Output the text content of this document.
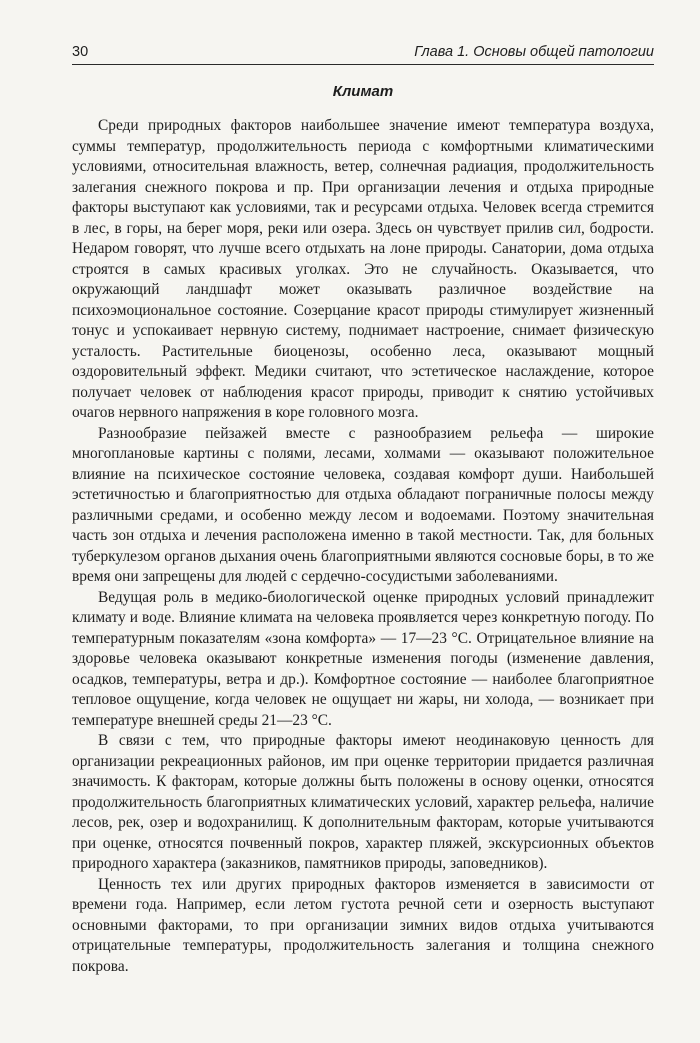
30	Глава 1. Основы общей патологии
Климат

Среди природных факторов наибольшее значение имеют температура воздуха, суммы температур, продолжительность периода с комфортными климатическими условиями, относительная влажность, ветер, солнечная радиация, продолжительность залегания снежного покрова и пр. При организации лечения и отдыха природные факторы выступают как условиями, так и ресурсами отдыха. Человек всегда стремится в лес, в горы, на берег моря, реки или озера. Здесь он чувствует прилив сил, бодрости. Недаром говорят, что лучше всего отдыхать на лоне природы. Санатории, дома отдыха строятся в самых красивых уголках. Это не случайность. Оказывается, что окружающий ландшафт может оказывать различное воздействие на психоэмоциональное состояние. Созерцание красот природы стимулирует жизненный тонус и успокаивает нервную систему, поднимает настроение, снимает физическую усталость. Растительные биоценозы, особенно леса, оказывают мощный оздоровительный эффект. Медики считают, что эстетическое наслаждение, которое получает человек от наблюдения красот природы, приводит к снятию устойчивых очагов нервного напряжения в коре головного мозга.

Разнообразие пейзажей вместе с разнообразием рельефа — широкие многоплановые картины с полями, лесами, холмами — оказывают положительное влияние на психическое состояние человека, создавая комфорт души. Наибольшей эстетичностью и благоприятностью для отдыха обладают пограничные полосы между различными средами, и особенно между лесом и водоемами. Поэтому значительная часть зон отдыха и лечения расположена именно в такой местности. Так, для больных туберкулезом органов дыхания очень благоприятными являются сосновые боры, в то же время они запрещены для людей с сердечно-сосудистыми заболеваниями.

Ведущая роль в медико-биологической оценке природных условий принадлежит климату и воде. Влияние климата на человека проявляется через конкретную погоду. По температурным показателям «зона комфорта» — 17—23 °С. Отрицательное влияние на здоровье человека оказывают конкретные изменения погоды (изменение давления, осадков, температуры, ветра и др.). Комфортное состояние — наиболее благоприятное тепловое ощущение, когда человек не ощущает ни жары, ни холода, — возникает при температуре внешней среды 21—23 °С.

В связи с тем, что природные факторы имеют неодинаковую ценность для организации рекреационных районов, им при оценке территории придается различная значимость. К факторам, которые должны быть положены в основу оценки, относятся продолжительность благоприятных климатических условий, характер рельефа, наличие лесов, рек, озер и водохранилищ. К дополнительным факторам, которые учитываются при оценке, относятся почвенный покров, характер пляжей, экскурсионных объектов природного характера (заказников, памятников природы, заповедников).

Ценность тех или других природных факторов изменяется в зависимости от времени года. Например, если летом густота речной сети и озерность выступают основными факторами, то при организации зимних видов отдыха учитываются отрицательные температуры, продолжительность залегания и толщина снежного покрова.
